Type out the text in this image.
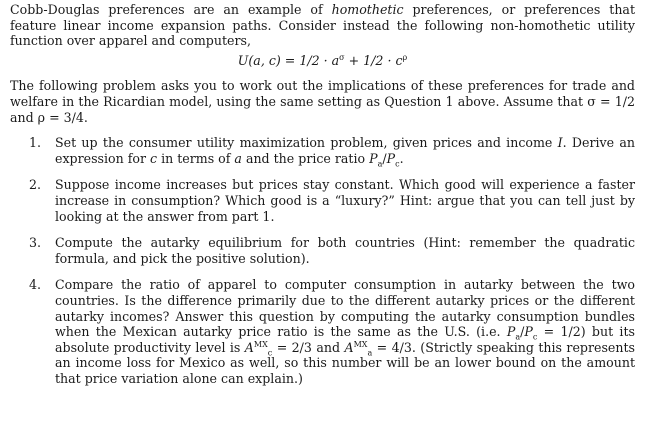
Cobb-Douglas preferences are an example of homothetic preferences, or preferences that feature linear income expansion paths. Consider instead the following non-homothetic utility function over apparel and computers,

U(a, $c) = 1/2 \cdot a^\sigma + 1/2 \cdot c^\rho$

The following problem asks you to work out the implications of these preferences for trade and welfare in the Ricardian model, using the same setting as Question 1 above. Assume that σ = 1/2 and ρ = 3/4.

1. Set up the consumer utility maximization problem, given prices and income I. Derive an expression for c in terms of a and the price ratio $P_a/P_c$.
2. Suppose income increases but prices stay constant. Which good will experience a faster increase in consumption? Which good is a “luxury?” Hint: argue that you can tell just by looking at the answer from part 1.
3. Compute the autarky equilibrium for both countries (Hint: remember the quadratic formula, and pick the positive solution).
4. Compare the ratio of apparel to computer consumption in autarky between the two countries. Is the difference primarily due to the different autarky prices or the different autarky incomes? Answer this question by computing the autarky consumption bundles when the Mexican autarky price ratio is the same as the U.S. (i.e. $P_a/P_c = 1/2$) but its absolute productivity level is $A^{MX}_c = 2/3$ and $A^{MX}_a = 4/3$. (Strictly speaking this represents an income loss for Mexico as well, so this number will be an lower bound on the amount that price variation alone can explain.)
